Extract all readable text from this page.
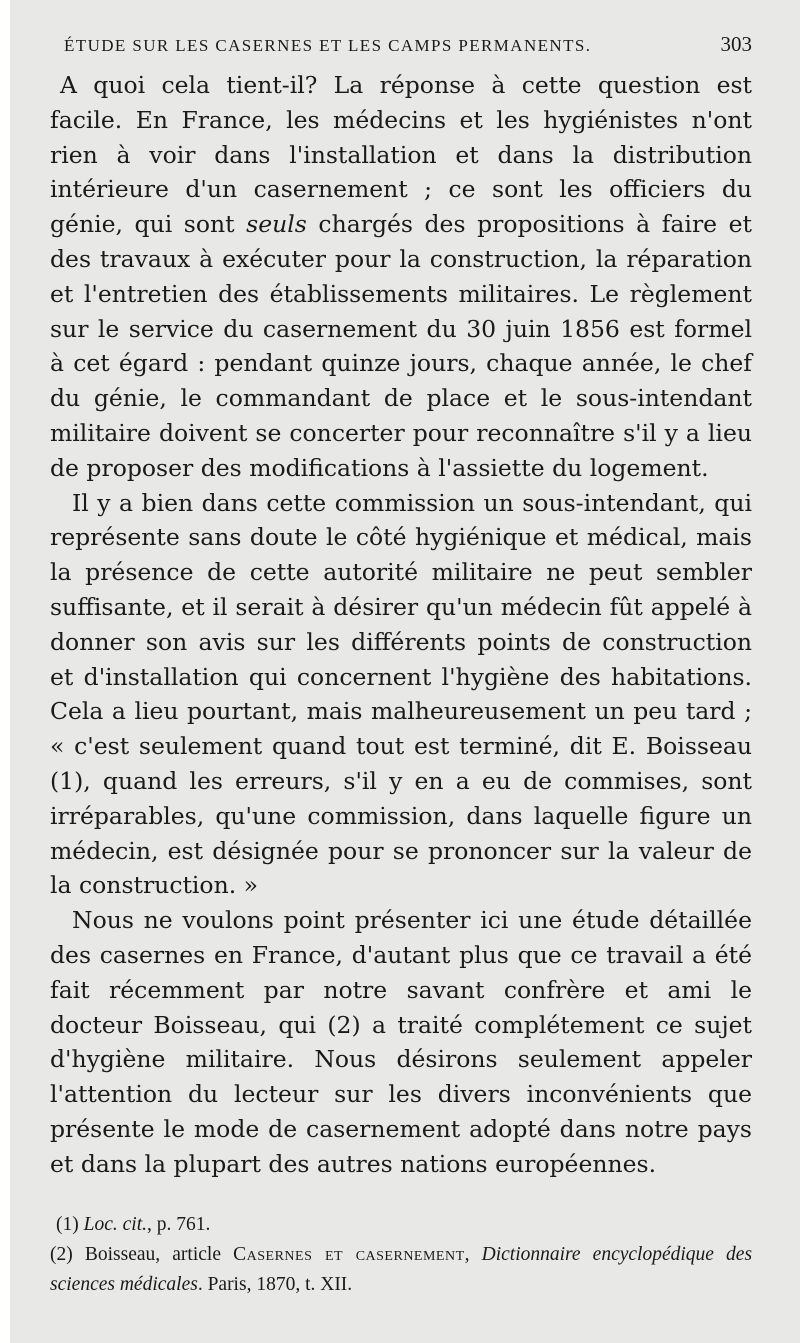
ÉTUDE SUR LES CASERNES ET LES CAMPS PERMANENTS.	303

A quoi cela tient-il? La réponse à cette question est facile. En France, les médecins et les hygiénistes n'ont rien à voir dans l'installation et dans la distribution intérieure d'un casernement ; ce sont les officiers du génie, qui sont seuls chargés des propositions à faire et des travaux à exécuter pour la construction, la réparation et l'entretien des établissements militaires. Le règlement sur le service du casernement du 30 juin 1856 est formel à cet égard : pendant quinze jours, chaque année, le chef du génie, le commandant de place et le sous-intendant militaire doivent se concerter pour reconnaître s'il y a lieu de proposer des modifications à l'assiette du logement.

Il y a bien dans cette commission un sous-intendant, qui représente sans doute le côté hygiénique et médical, mais la présence de cette autorité militaire ne peut sembler suffisante, et il serait à désirer qu'un médecin fût appelé à donner son avis sur les différents points de construction et d'installation qui concernent l'hygiène des habitations. Cela a lieu pourtant, mais malheureusement un peu tard ; « c'est seulement quand tout est terminé, dit E. Boisseau (1), quand les erreurs, s'il y en a eu de commises, sont irréparables, qu'une commission, dans laquelle figure un médecin, est désignée pour se prononcer sur la valeur de la construction. »

Nous ne voulons point présenter ici une étude détaillée des casernes en France, d'autant plus que ce travail a été fait récemment par notre savant confrère et ami le docteur Boisseau, qui (2) a traité complétement ce sujet d'hygiène militaire. Nous désirons seulement appeler l'attention du lecteur sur les divers inconvénients que présente le mode de casernement adopté dans notre pays et dans la plupart des autres nations européennes.

(1) Loc. cit., p. 761.

(2) Boisseau, article Casernes et casernement, Dictionnaire encyclopédique des sciences médicales. Paris, 1870, t. XII.
